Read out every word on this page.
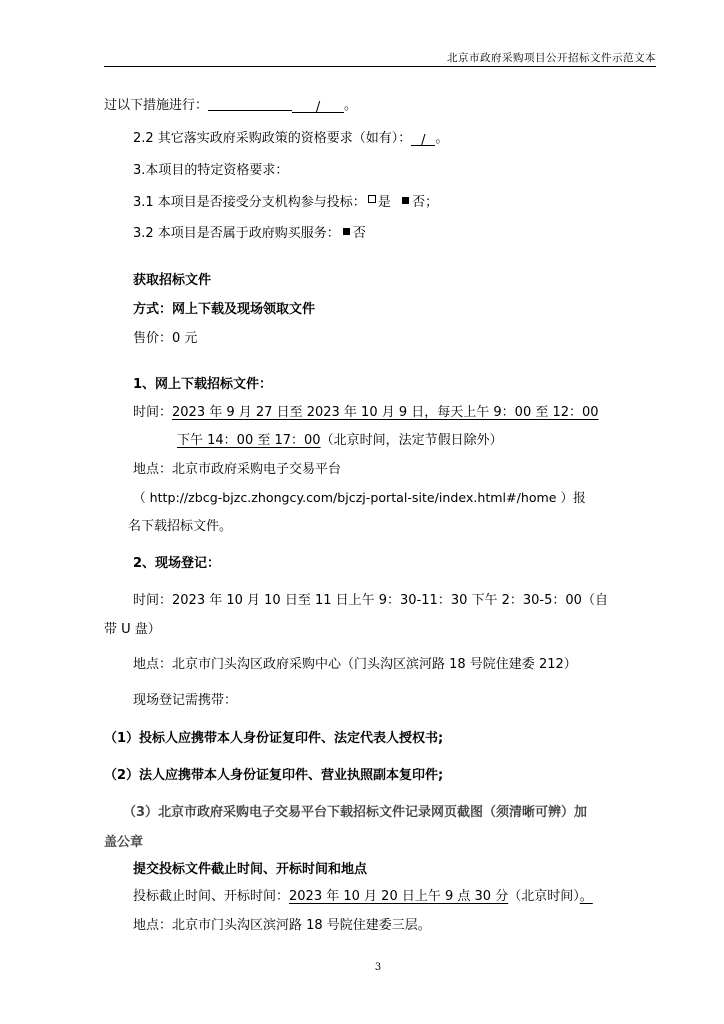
北京市政府采购项目公开招标文件示范文本
过以下措施进行：	/ 。
2.2 其它落实政府采购政策的资格要求（如有）： / 。
3.本项目的特定资格要求：
3.1 本项目是否接受分支机构参与投标： 是 否；
3.2 本项目是否属于政府购买服务： 否
获取招标文件
方式：网上下载及现场领取文件
售价：0 元
1、网上下载招标文件：
时间：2023 年 9 月 27 日至 2023 年 10 月 9 日，每天上午 9：00 至 12：00
下午 14：00 至 17：00（北京时间，法定节假日除外）
地点：北京市政府采购电子交易平台
（ http://zbcg-bjzc.zhongcy.com/bjczj-portal-site/index.html#/home ）报
名下载招标文件。
2、现场登记：
时间：2023 年 10 月 10 日至 11 日上午 9：30-11：30 下午 2：30-5：00（自
带 U 盘）
地点：北京市门头沟区政府采购中心（门头沟区滨河路 18 号院住建委 212）
现场登记需携带：
（1）投标人应携带本人身份证复印件、法定代表人授权书;
（2）法人应携带本人身份证复印件、营业执照副本复印件;
（3）北京市政府采购电子交易平台下载招标文件记录网页截图（须清晰可辨）加
盖公章
提交投标文件截止时间、开标时间和地点
投标截止时间、开标时间：2023 年 10 月 20 日上午 9 点 30 分（北京时间）。
地点：北京市门头沟区滨河路 18 号院住建委三层。
3
